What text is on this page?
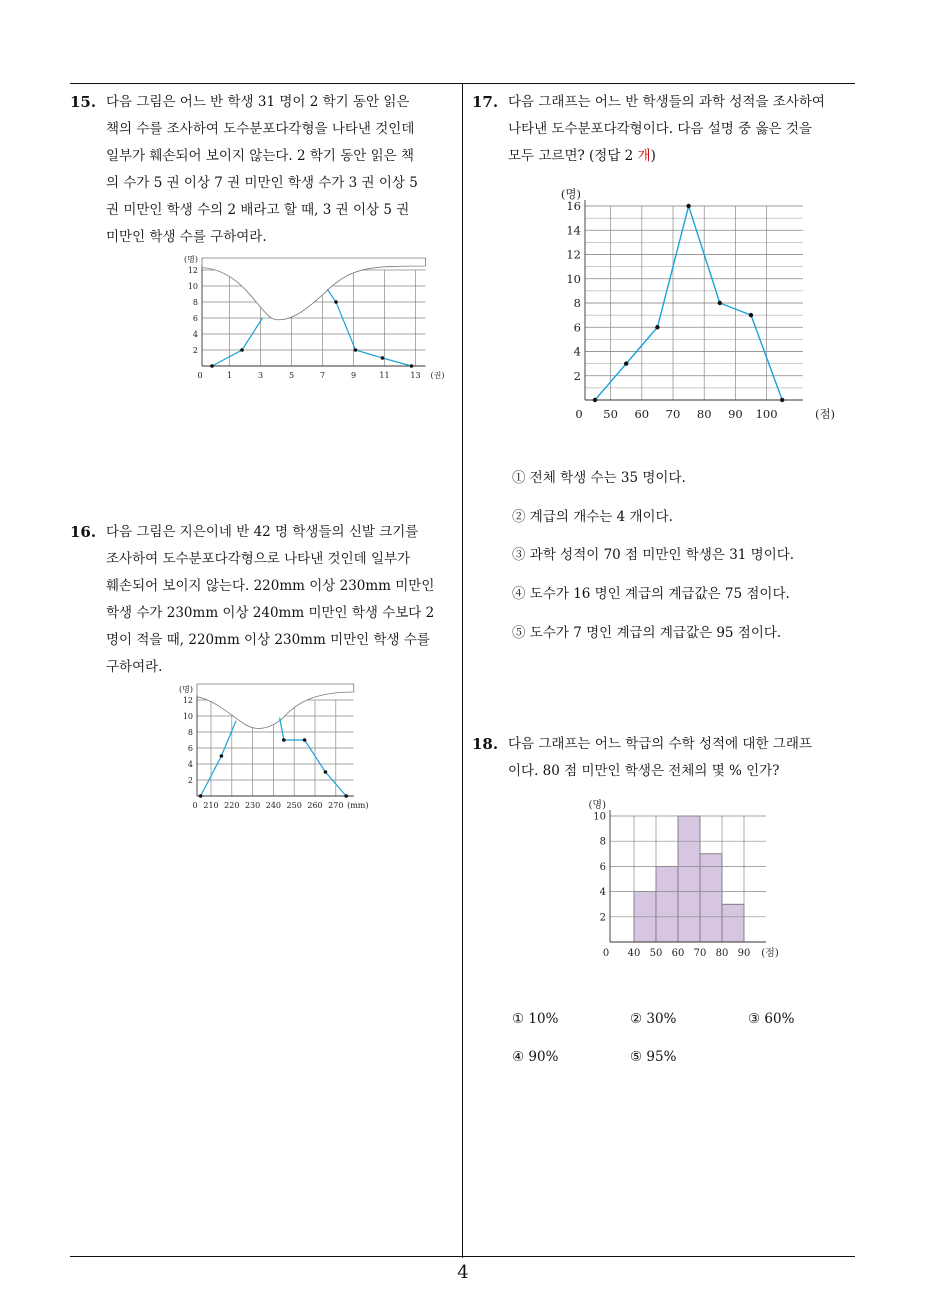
15. 다음 그림은 어느 반 학생 31 명이 2 학기 동안 읽은
책의 수를 조사하여 도수분포다각형을 나타낸 것인데
일부가 훼손되어 보이지 않는다. 2 학기 동안 읽은 책
의 수가 5 권 이상 7 권 미만인 학생 수가 3 권 이상 5
권 미만인 학생 수의 2 배라고 할 때, 3 권 이상 5 권
미만인 학생 수를 구하여라.
2
4
6
8
10
12
(명)
0	1	3	5	7	9	11	13 (권)
16. 다음 그림은 지은이네 반 42 명 학생들의 신발 크기를
조사하여 도수분포다각형으로 나타낸 것인데 일부가
훼손되어 보이지 않는다. 220mm 이상 230mm 미만인
학생 수가 230mm 이상 240mm 미만인 학생 수보다 2
명이 적을 때, 220mm 이상 230mm 미만인 학생 수를
구하여라.
2
4
6
8
10
12
(명)
0 210 220 230 240 250 260 270 (mm)
17. 다음 그래프는 어느 반 학생들의 과학 성적을 조사하여
나타낸 도수분포다각형이다. 다음 설명 중 옳은 것을
모두 고르면? (정답 2 개)
2
4
6
8
10
12
14
16
(명)
0 50 60 70 80 90 100	(점)
① 전체 학생 수는 35 명이다.
② 계급의 개수는 4 개이다.
③ 과학 성적이 70 점 미만인 학생은 31 명이다.
④ 도수가 16 명인 계급의 계급값은 75 점이다.
⑤ 도수가 7 명인 계급의 계급값은 95 점이다.
18. 다음 그래프는 어느 학급의 수학 성적에 대한 그래프
이다. 80 점 미만인 학생은 전체의 몇 % 인가?
2
4
6
8
10
(명)
0 40 50 60 70 80 90 (점)
① 10%	② 30%	③ 60%
④ 90%	⑤ 95%
4
